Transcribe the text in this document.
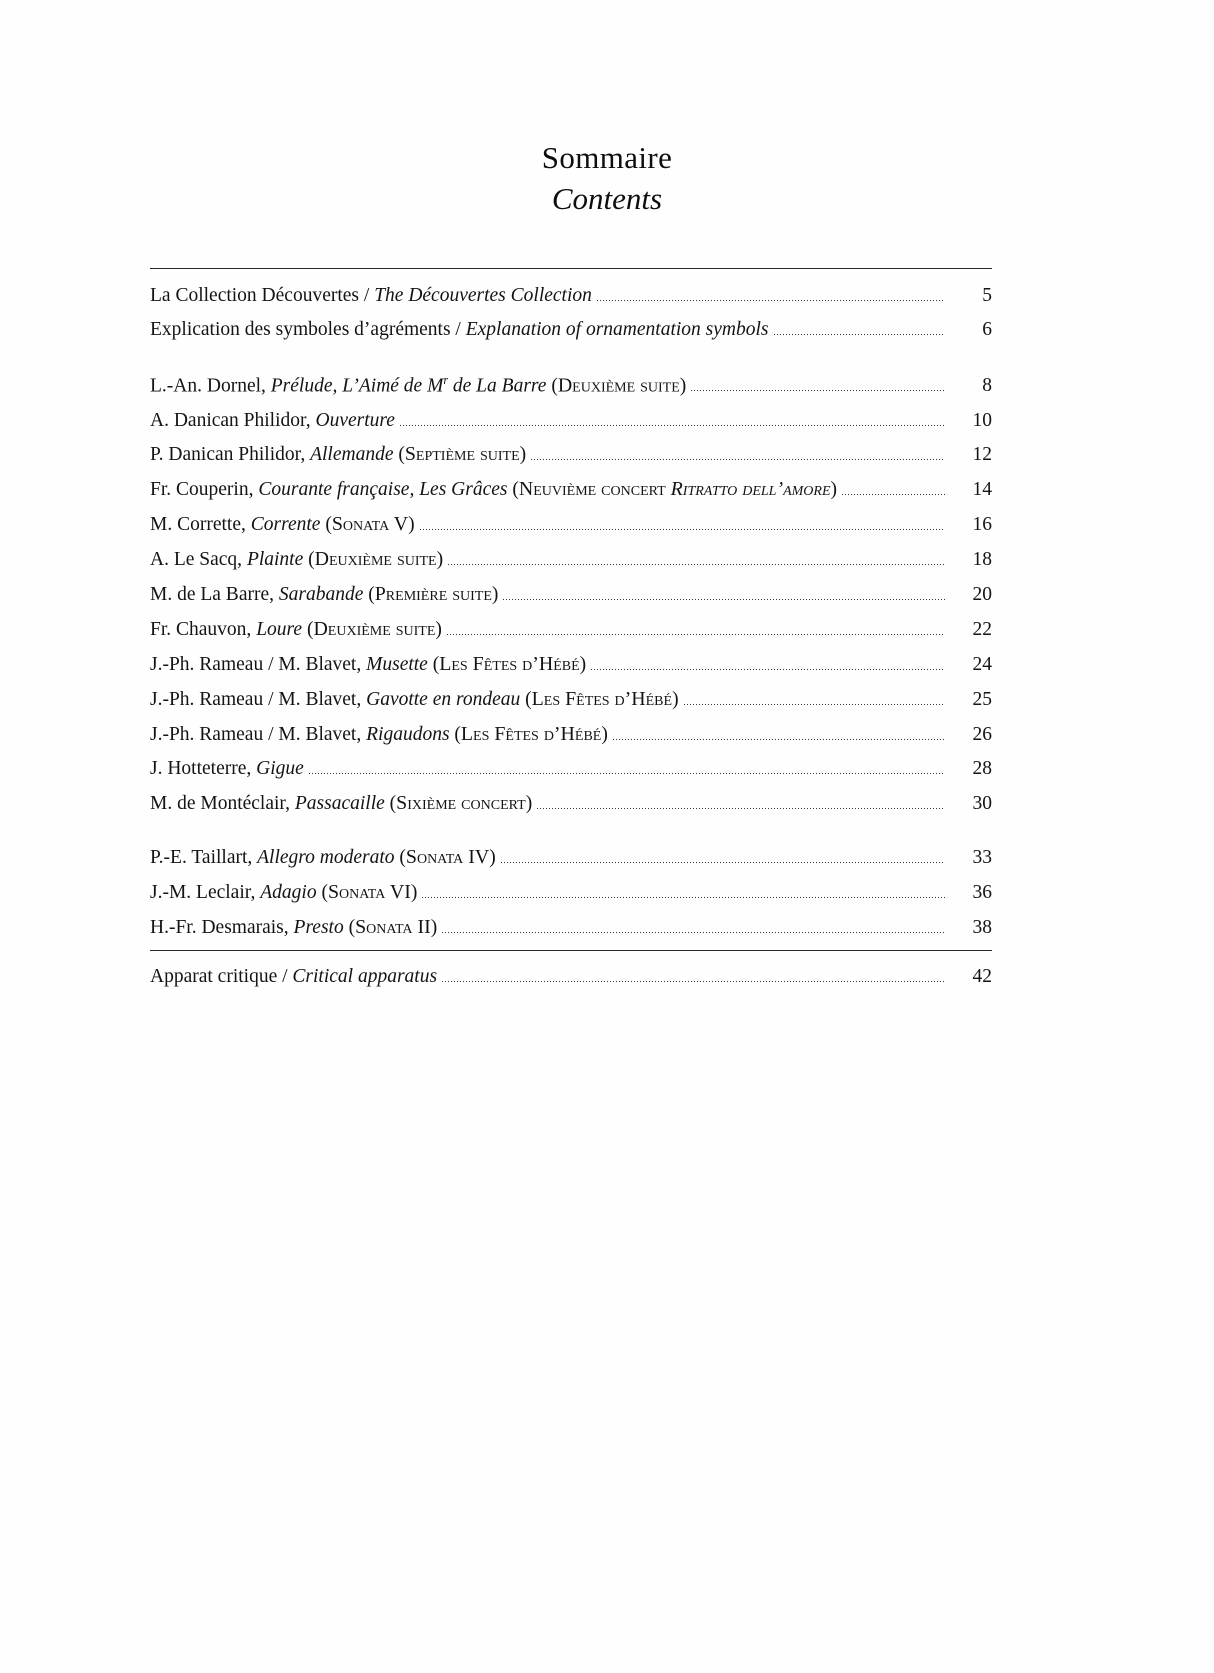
Sommaire
Contents
La Collection Découvertes / The Découvertes Collection	5
Explication des symboles d’agréments / Explanation of ornamentation symbols	6
L.-An. Dornel, Prélude, L’Aimé de $M^r$ de La Barre (Deuxième suite)	8
A. Danican Philidor, Ouverture	10
P. Danican Philidor, Allemande (Septième suite)	12
Fr. Couperin, Courante française, Les Grâces (Neuvième concert Ritratto dell’amore)	14
M. Corrette, Corrente (Sonata V)	16
A. Le Sacq, Plainte (Deuxième suite)	18
M. de La Barre, Sarabande (Première suite)	20
Fr. Chauvon, Loure (Deuxième suite)	22
J.-Ph. Rameau / M. Blavet, Musette (Les Fêtes d’Hébé)	24
J.-Ph. Rameau / M. Blavet, Gavotte en rondeau (Les Fêtes d’Hébé)	25
J.-Ph. Rameau / M. Blavet, Rigaudons (Les Fêtes d’Hébé)	26
J. Hotteterre, Gigue	28
M. de Montéclair, Passacaille (Sixième concert)	30
P.-E. Taillart, Allegro moderato (Sonata IV)	33
J.-M. Leclair, Adagio (Sonata VI)	36
H.-Fr. Desmarais, Presto (Sonata II)	38
Apparat critique / Critical apparatus	42
